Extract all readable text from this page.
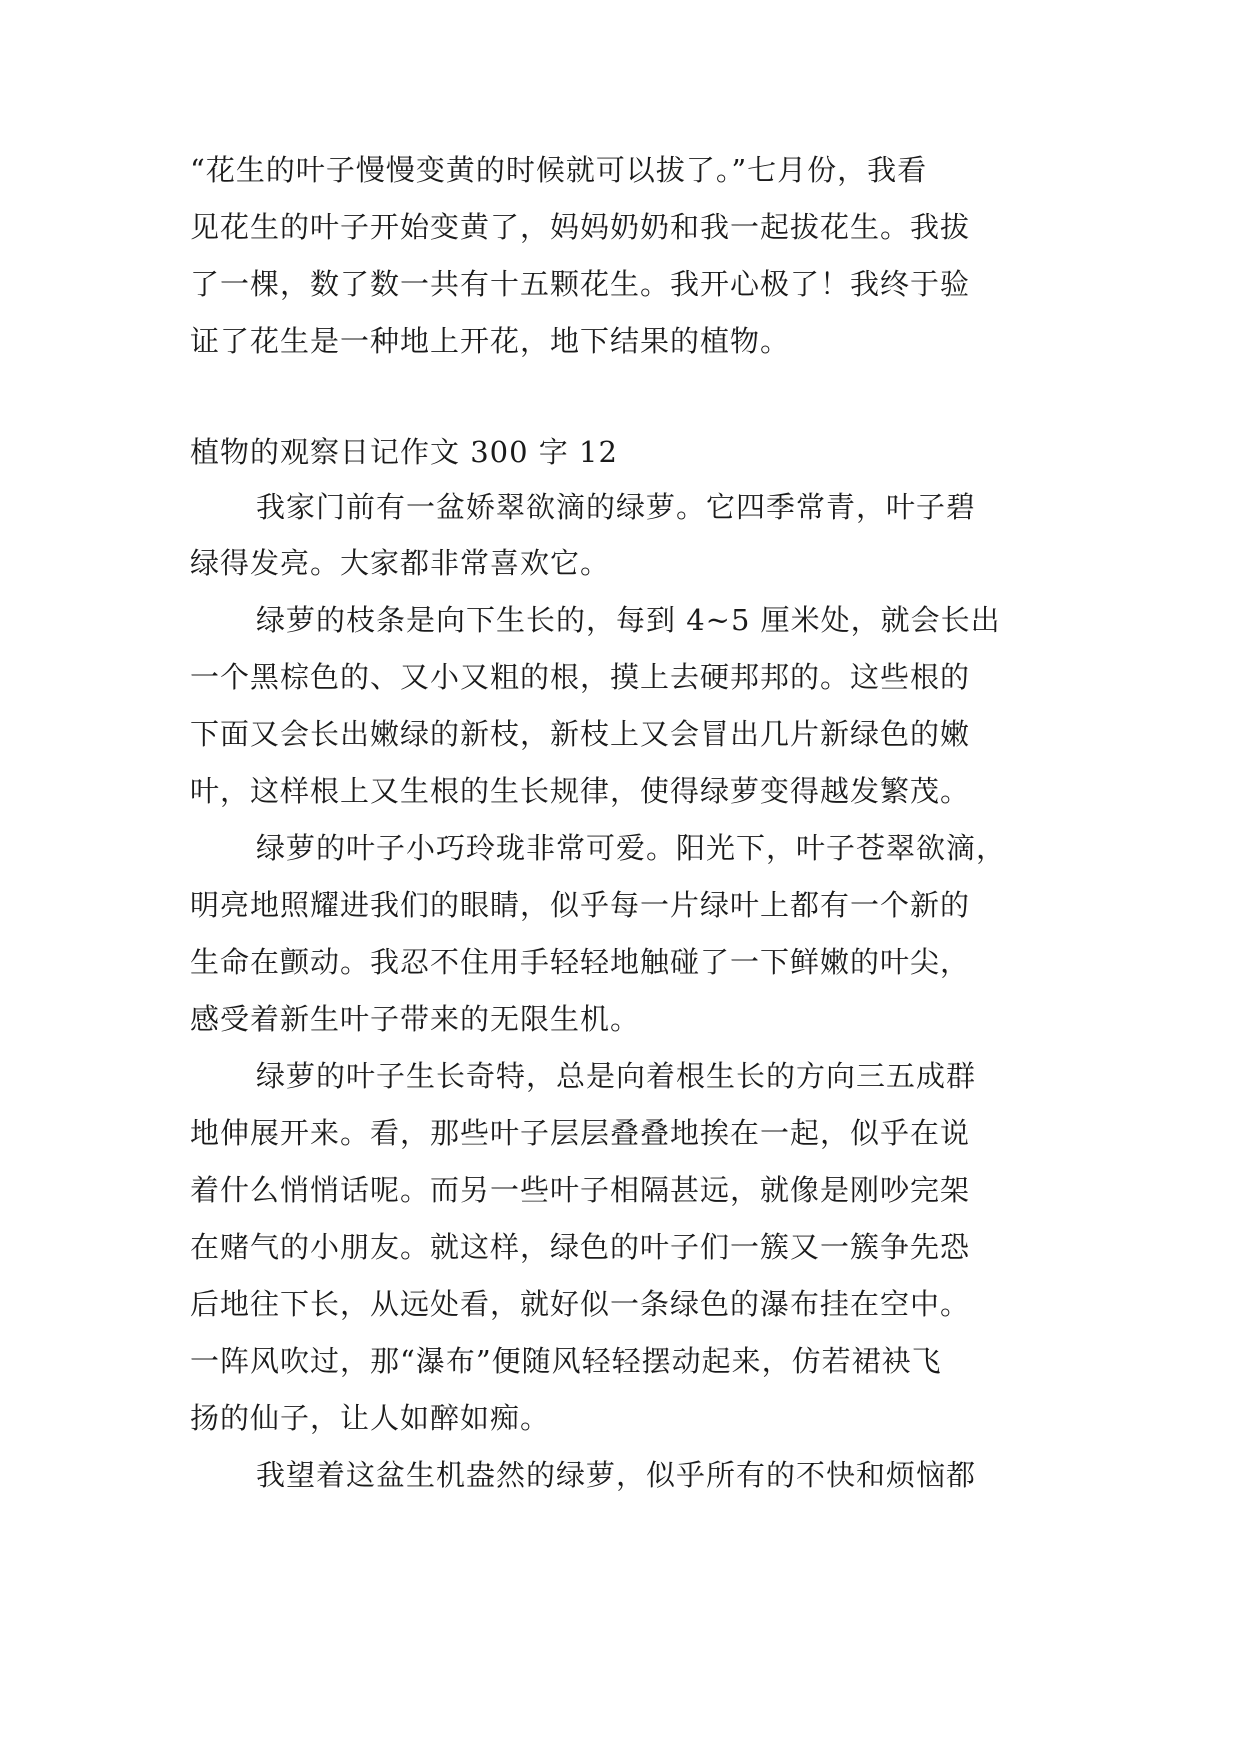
“花生的叶子慢慢变黄的时候就可以拔了。”七月份，我看
见花生的叶子开始变黄了，妈妈奶奶和我一起拔花生。我拔
了一棵，数了数一共有十五颗花生。我开心极了！我终于验
证了花生是一种地上开花，地下结果的植物。
植物的观察日记作文 300 字 12
我家门前有一盆娇翠欲滴的绿萝。它四季常青，叶子碧
绿得发亮。大家都非常喜欢它。
绿萝的枝条是向下生长的，每到 4~5 厘米处，就会长出
一个黑棕色的、又小又粗的根，摸上去硬邦邦的。这些根的
下面又会长出嫩绿的新枝，新枝上又会冒出几片新绿色的嫩
叶，这样根上又生根的生长规律，使得绿萝变得越发繁茂。
绿萝的叶子小巧玲珑非常可爱。阳光下，叶子苍翠欲滴，
明亮地照耀进我们的眼睛，似乎每一片绿叶上都有一个新的
生命在颤动。我忍不住用手轻轻地触碰了一下鲜嫩的叶尖，
感受着新生叶子带来的无限生机。
绿萝的叶子生长奇特，总是向着根生长的方向三五成群
地伸展开来。看，那些叶子层层叠叠地挨在一起，似乎在说
着什么悄悄话呢。而另一些叶子相隔甚远，就像是刚吵完架
在赌气的小朋友。就这样，绿色的叶子们一簇又一簇争先恐
后地往下长，从远处看，就好似一条绿色的瀑布挂在空中。
一阵风吹过，那“瀑布”便随风轻轻摆动起来，仿若裙袂飞
扬的仙子，让人如醉如痴。
我望着这盆生机盎然的绿萝，似乎所有的不快和烦恼都
